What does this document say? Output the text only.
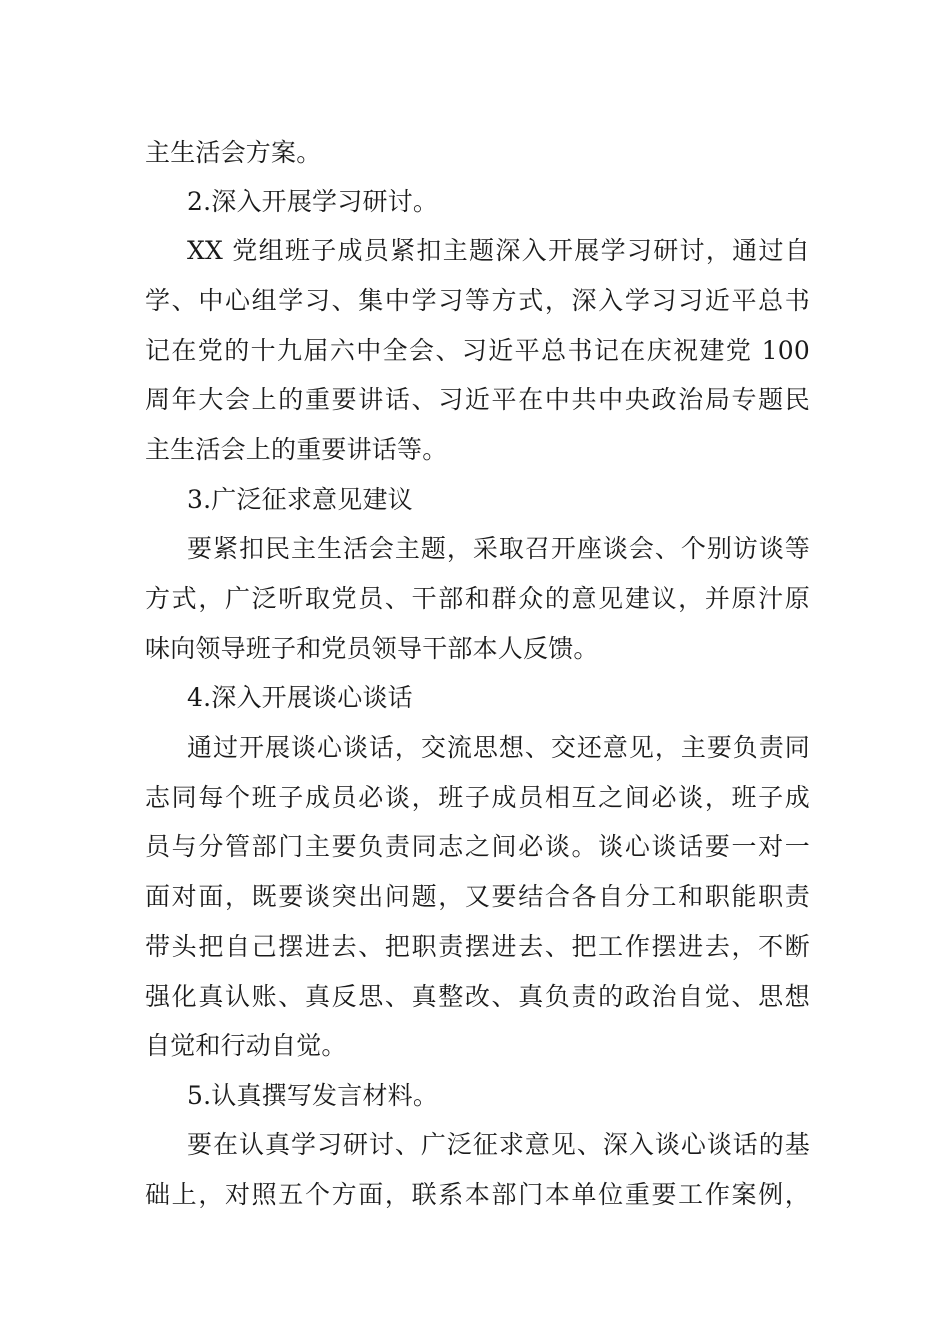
主生活会方案。
2.深入开展学习研讨。
XX 党组班子成员紧扣主题深入开展学习研讨，通过自
学、中心组学习、集中学习等方式，深入学习习近平总书
记在党的十九届六中全会、习近平总书记在庆祝建党 100
周年大会上的重要讲话、习近平在中共中央政治局专题民
主生活会上的重要讲话等。
3.广泛征求意见建议
要紧扣民主生活会主题，采取召开座谈会、个别访谈等
方式，广泛听取党员、干部和群众的意见建议，并原汁原
味向领导班子和党员领导干部本人反馈。
4.深入开展谈心谈话
通过开展谈心谈话，交流思想、交还意见，主要负责同
志同每个班子成员必谈，班子成员相互之间必谈，班子成
员与分管部门主要负责同志之间必谈。谈心谈话要一对一
面对面，既要谈突出问题，又要结合各自分工和职能职责
带头把自己摆进去、把职责摆进去、把工作摆进去，不断
强化真认账、真反思、真整改、真负责的政治自觉、思想
自觉和行动自觉。
5.认真撰写发言材料。
要在认真学习研讨、广泛征求意见、深入谈心谈话的基
础上，对照五个方面，联系本部门本单位重要工作案例，
